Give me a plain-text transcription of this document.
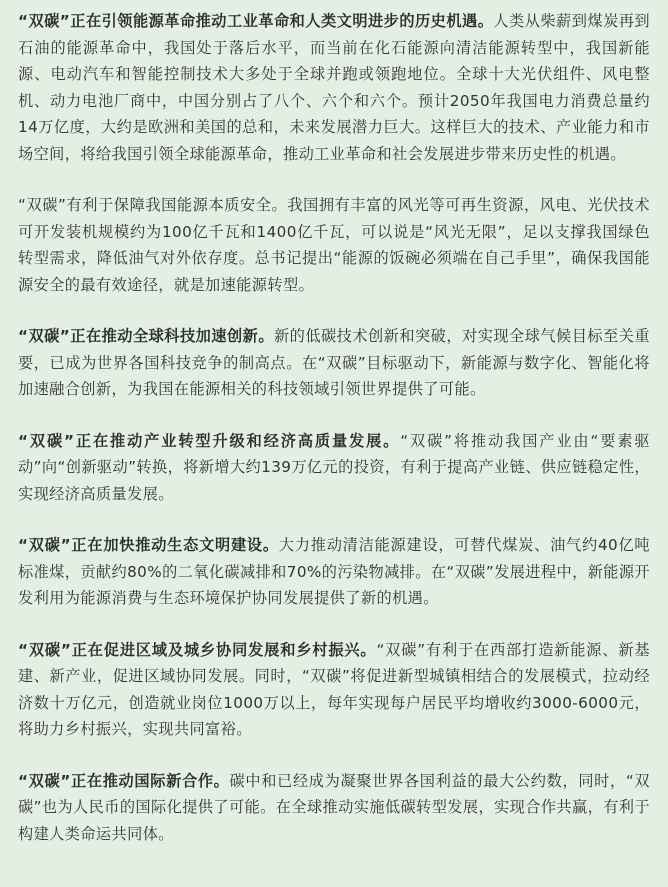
“双碳”正在引领能源革命推动工业革命和人类文明进步的历史机遇。人类从柴薪到煤炭再到石油的能源革命中，我国处于落后水平，而当前在化石能源向清洁能源转型中，我国新能源、电动汽车和智能控制技术大多处于全球并跑或领跑地位。全球十大光伏组件、风电整机、动力电池厂商中，中国分别占了八个、六个和六个。预计2050年我国电力消费总量约14万亿度，大约是欧洲和美国的总和，未来发展潜力巨大。这样巨大的技术、产业能力和市场空间，将给我国引领全球能源革命，推动工业革命和社会发展进步带来历史性的机遇。

“双碳”有利于保障我国能源本质安全。我国拥有丰富的风光等可再生资源，风电、光伏技术可开发装机规模约为100亿千瓦和1400亿千瓦，可以说是“风光无限”，足以支撑我国绿色转型需求，降低油气对外依存度。总书记提出“能源的饭碗必须端在自己手里”，确保我国能源安全的最有效途径，就是加速能源转型。

“双碳”正在推动全球科技加速创新。新的低碳技术创新和突破，对实现全球气候目标至关重要，已成为世界各国科技竞争的制高点。在“双碳”目标驱动下，新能源与数字化、智能化将加速融合创新，为我国在能源相关的科技领域引领世界提供了可能。

“双碳”正在推动产业转型升级和经济高质量发展。“双碳”将推动我国产业由“要素驱动”向“创新驱动”转换，将新增大约139万亿元的投资，有利于提高产业链、供应链稳定性，实现经济高质量发展。

“双碳”正在加快推动生态文明建设。大力推动清洁能源建设，可替代煤炭、油气约40亿吨标准煤，贡献约80%的二氧化碳减排和70%的污染物减排。在“双碳”发展进程中，新能源开发利用为能源消费与生态环境保护协同发展提供了新的机遇。

“双碳”正在促进区域及城乡协同发展和乡村振兴。“双碳”有利于在西部打造新能源、新基建、新产业，促进区域协同发展。同时，“双碳”将促进新型城镇相结合的发展模式，拉动经济数十万亿元，创造就业岗位1000万以上，每年实现每户居民平均增收约3000-6000元，将助力乡村振兴，实现共同富裕。

“双碳”正在推动国际新合作。碳中和已经成为凝聚世界各国利益的最大公约数，同时，“双碳”也为人民币的国际化提供了可能。在全球推动实施低碳转型发展，实现合作共赢，有利于构建人类命运共同体。
